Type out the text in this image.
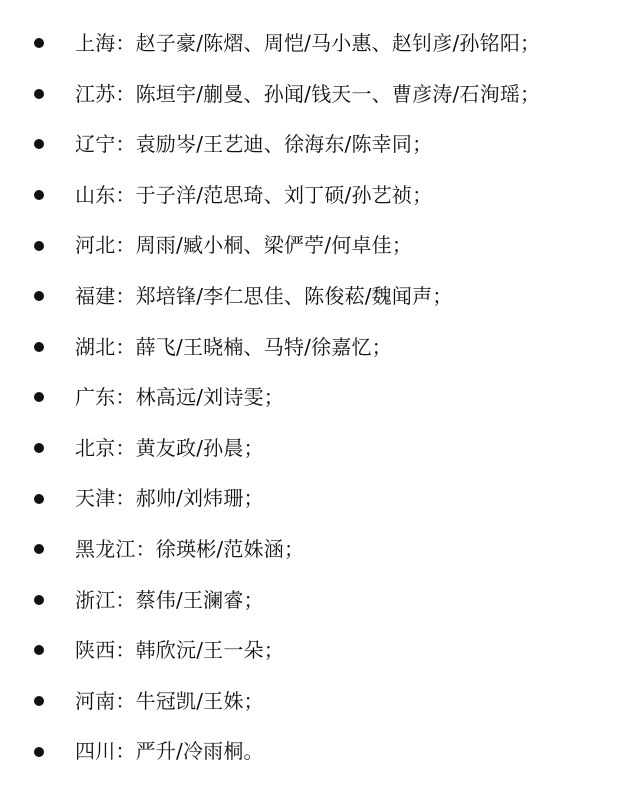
上海：赵子豪/陈熠、周恺/马小惠、赵钊彦/孙铭阳；
江苏：陈垣宇/蒯曼、孙闻/钱天一、曹彦涛/石洵瑶；
辽宁：袁励岑/王艺迪、徐海东/陈幸同；
山东：于子洋/范思琦、刘丁硕/孙艺祯；
河北：周雨/臧小桐、梁俨苧/何卓佳；
福建：郑培锋/李仁思佳、陈俊菘/魏闻声；
湖北：薛飞/王晓楠、马特/徐嘉忆；
广东：林高远/刘诗雯；
北京：黄友政/孙晨；
天津：郝帅/刘炜珊；
黑龙江：徐瑛彬/范姝涵；
浙江：蔡伟/王澜睿；
陕西：韩欣沅/王一朵；
河南：牛冠凯/王姝；
四川：严升/冷雨桐。
